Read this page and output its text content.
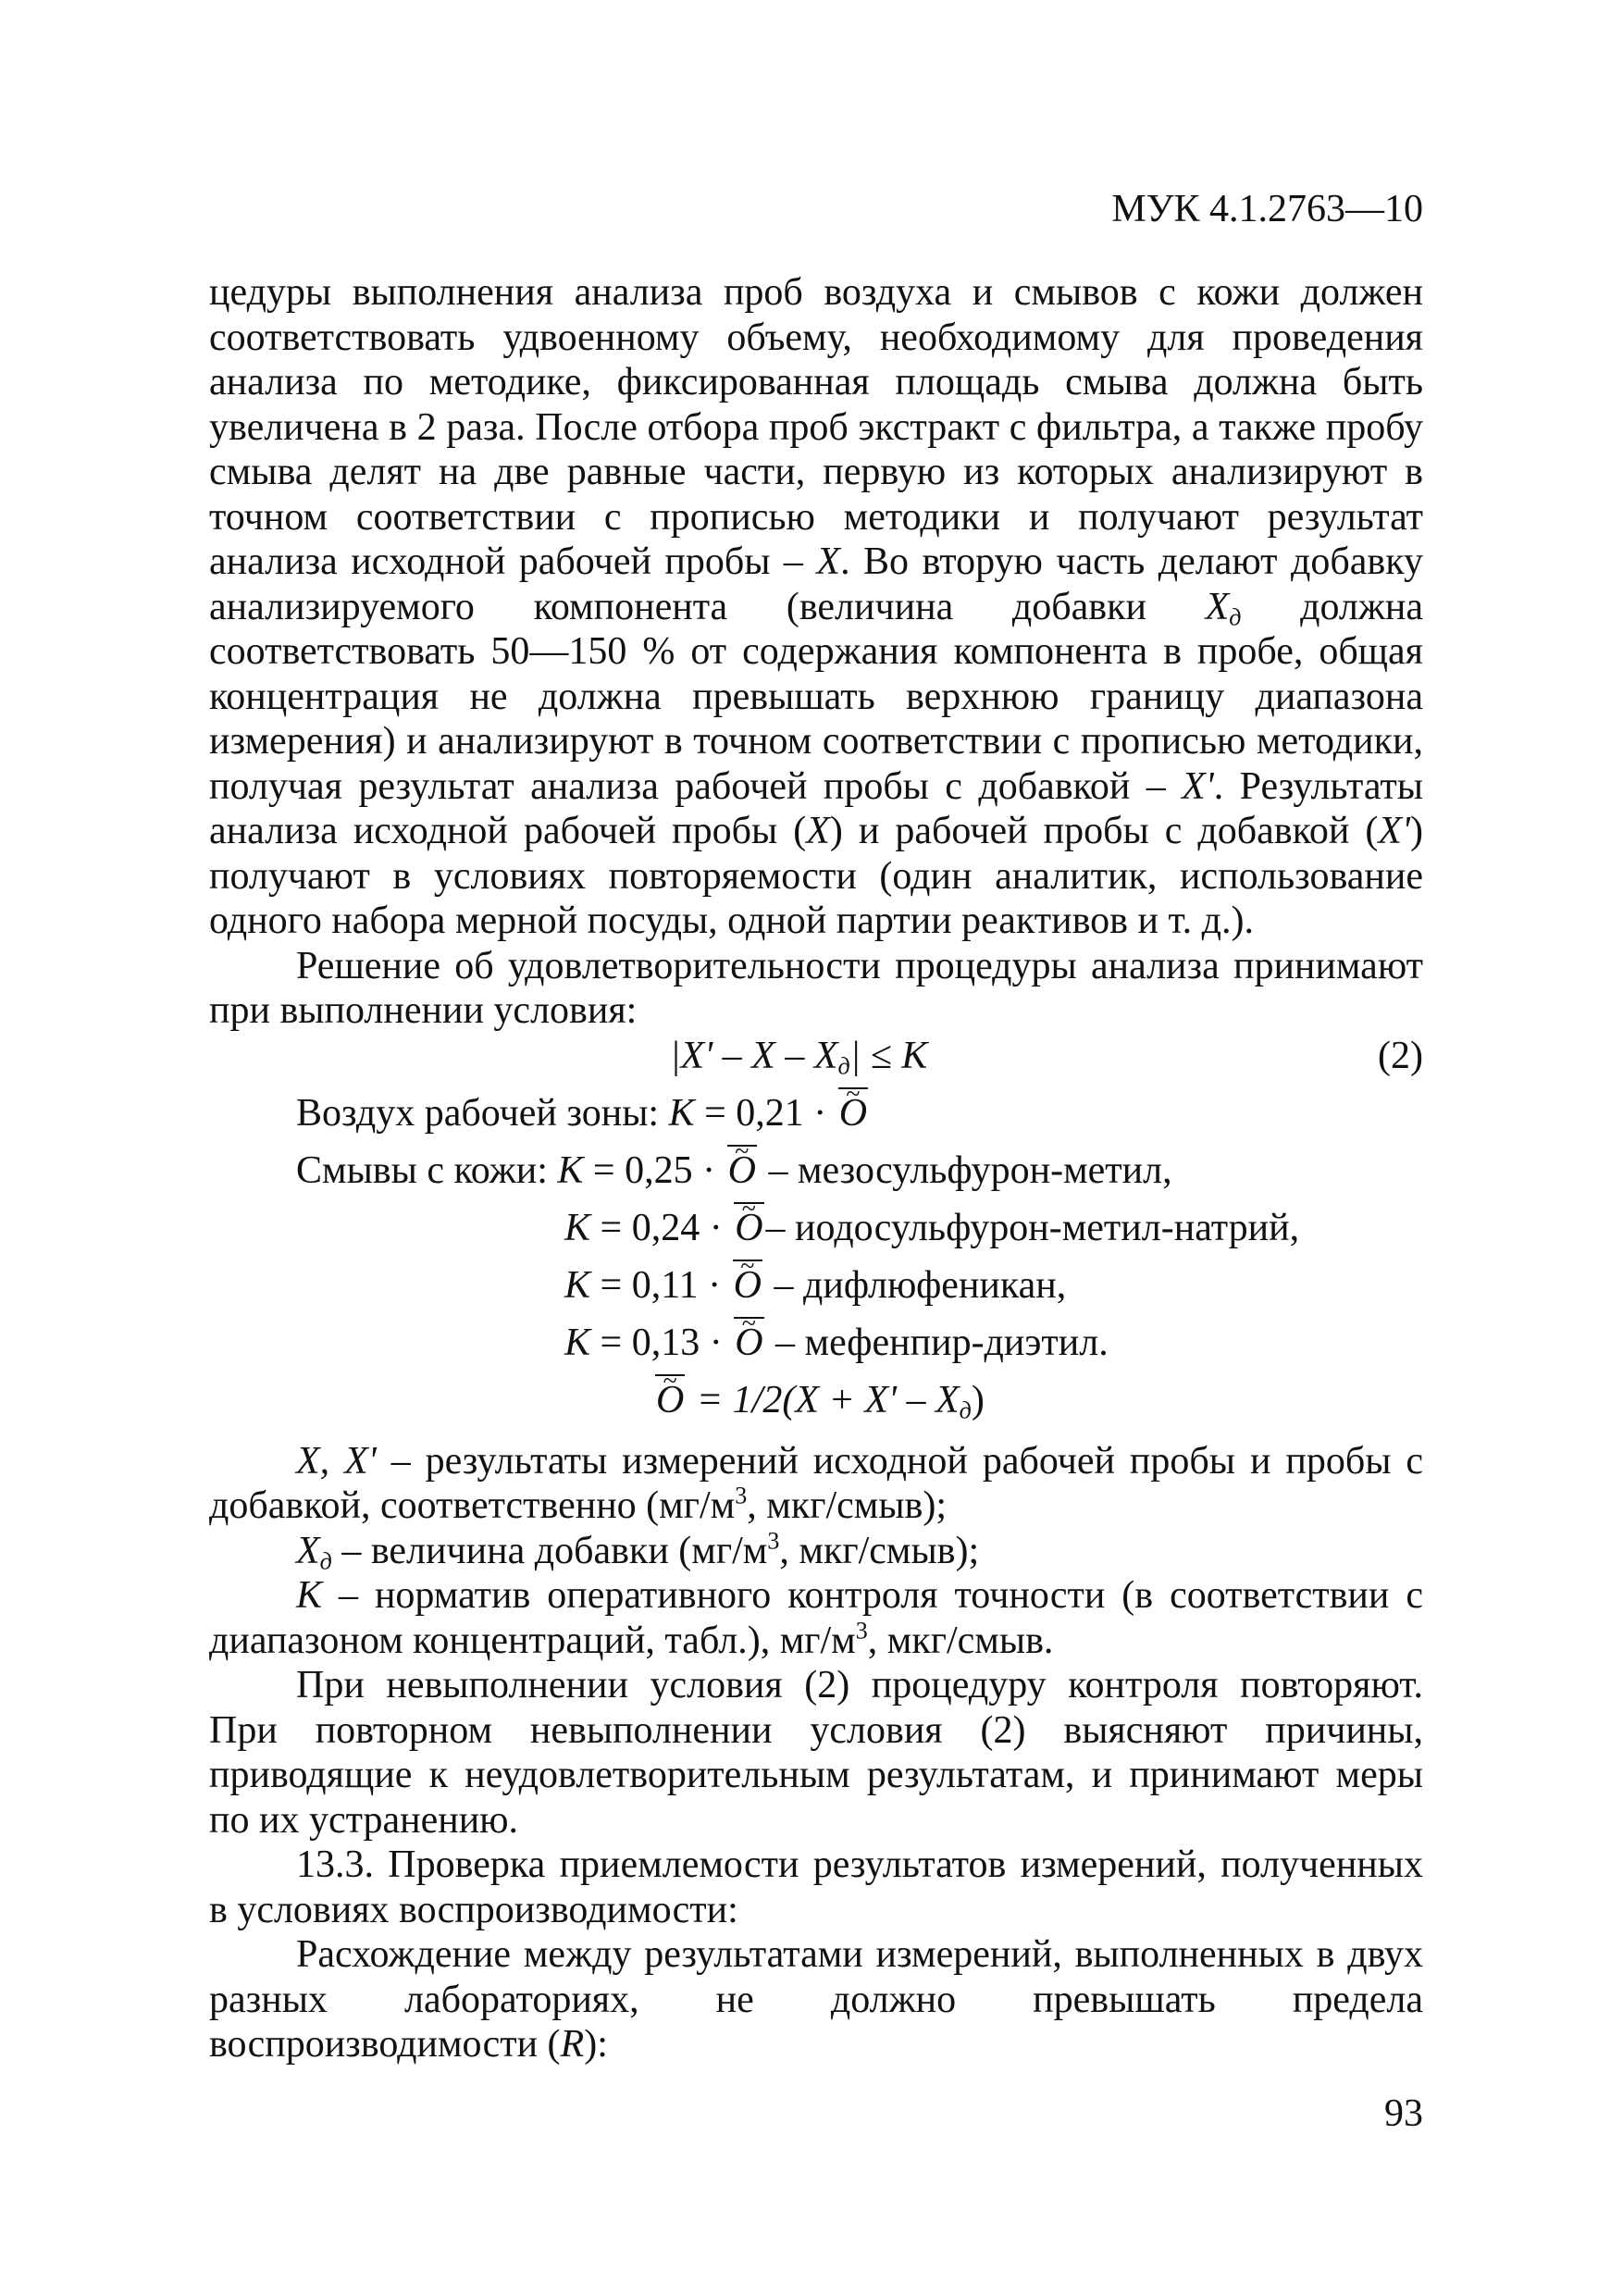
МУК 4.1.2763—10

цедуры выполнения анализа проб воздуха и смывов с кожи должен соответствовать удвоенному объему, необходимому для проведения анализа по методике, фиксированная площадь смыва должна быть увеличена в 2 раза. После отбора проб экстракт с фильтра, а также пробу смыва делят на две равные части, первую из которых анализируют в точном соответствии с прописью методики и получают результат анализа исходной рабочей пробы – X. Во вторую часть делают добавку анализируемого компонента (величина добавки $X_д$ должна соответствовать 50—150 % от содержания компонента в пробе, общая концентрация не должна превышать верхнюю границу диапазона измерения) и анализируют в точном соответствии с прописью методики, получая результат анализа рабочей пробы с добавкой – X'. Результаты анализа исходной рабочей пробы (X) и рабочей пробы с добавкой (X') получают в условиях повторяемости (один аналитик, использование одного набора мерной посуды, одной партии реактивов и т. д.).

Решение об удовлетворительности процедуры анализа принимают при выполнении условия:

$|X' - X - X_д| \le K$	(2)
Воздух рабочей зоны: K = 0,21 · O ~
Смывы с кожи: K = 0,25 · O ~ – мезосульфурон-метил,
K = 0,24 · O ~– иодосульфурон-метил-натрий,
K = 0,11 · O ~ – дифлюфеникан,
K = 0,13 · O ~ – мефенпир-диэтил.
O ~ = $1/2(X + X' - X_д)$

X, X' – результаты измерений исходной рабочей пробы и пробы с добавкой, соответственно ($мг/м^3$, мкг/смыв);

$X_д$ – величина добавки ($мг/м^3$, мкг/смыв);

K – норматив оперативного контроля точности (в соответствии с диапазоном концентраций, табл.), $мг/м^3$, мкг/смыв.

При невыполнении условия (2) процедуру контроля повторяют. При повторном невыполнении условия (2) выясняют причины, приводящие к неудовлетворительным результатам, и принимают меры по их устранению.

13.3. Проверка приемлемости результатов измерений, полученных в условиях воспроизводимости:

Расхождение между результатами измерений, выполненных в двух разных лабораториях, не должно превышать предела воспроизводимости (R):

93
